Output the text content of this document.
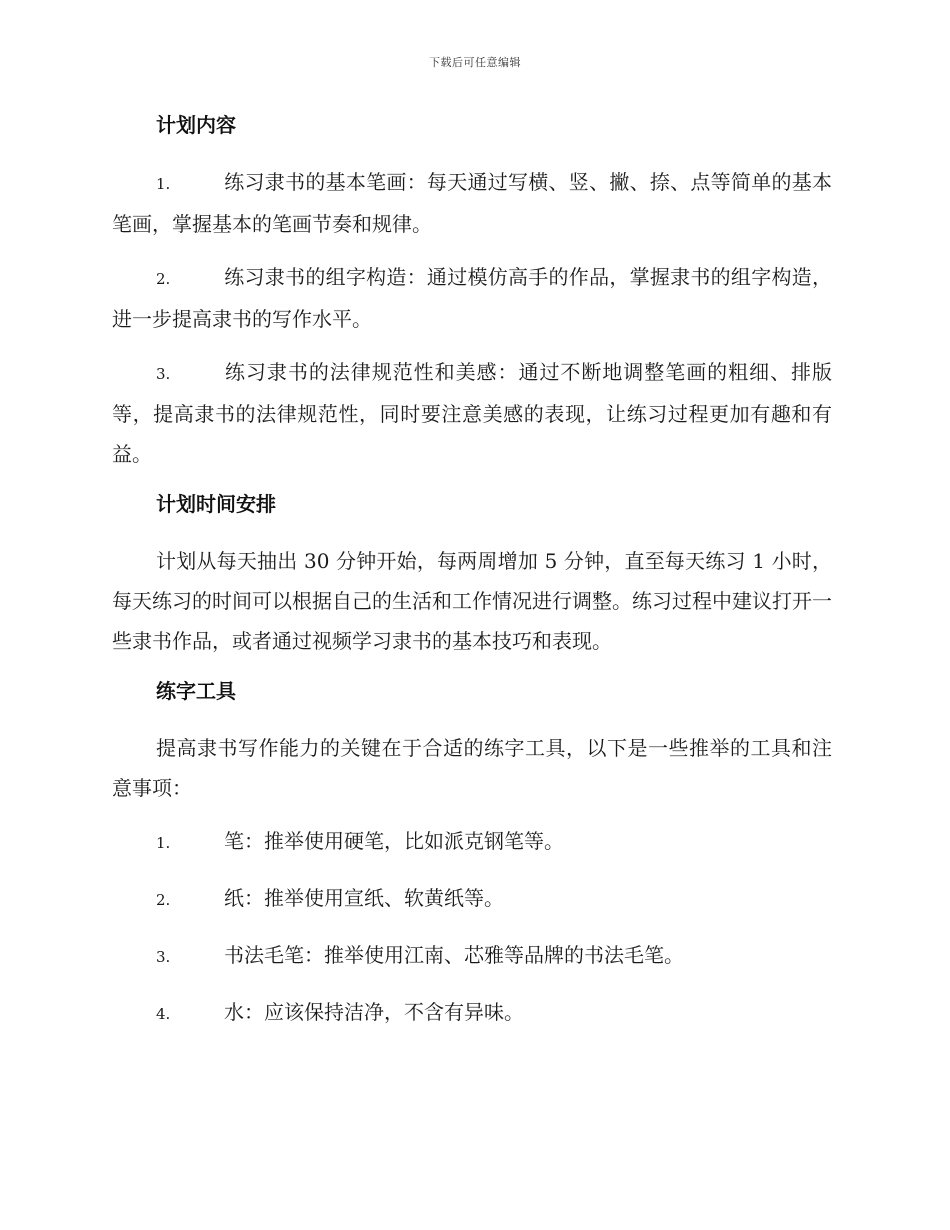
下载后可任意编辑
计划内容
1.	练习隶书的基本笔画：每天通过写横、竖、撇、捺、点等简单的基本笔画，掌握基本的笔画节奏和规律。
2.	练习隶书的组字构造：通过模仿高手的作品，掌握隶书的组字构造，进一步提高隶书的写作水平。
3.	练习隶书的法律规范性和美感：通过不断地调整笔画的粗细、排版等，提高隶书的法律规范性，同时要注意美感的表现，让练习过程更加有趣和有益。
计划时间安排
计划从每天抽出 30 分钟开始，每两周增加 5 分钟，直至每天练习 1 小时，每天练习的时间可以根据自己的生活和工作情况进行调整。练习过程中建议打开一些隶书作品，或者通过视频学习隶书的基本技巧和表现。
练字工具
提高隶书写作能力的关键在于合适的练字工具，以下是一些推举的工具和注意事项：
1.	笔：推举使用硬笔，比如派克钢笔等。
2.	纸：推举使用宣纸、软黄纸等。
3.	书法毛笔：推举使用江南、芯雅等品牌的书法毛笔。
4.	水：应该保持洁净，不含有异味。
